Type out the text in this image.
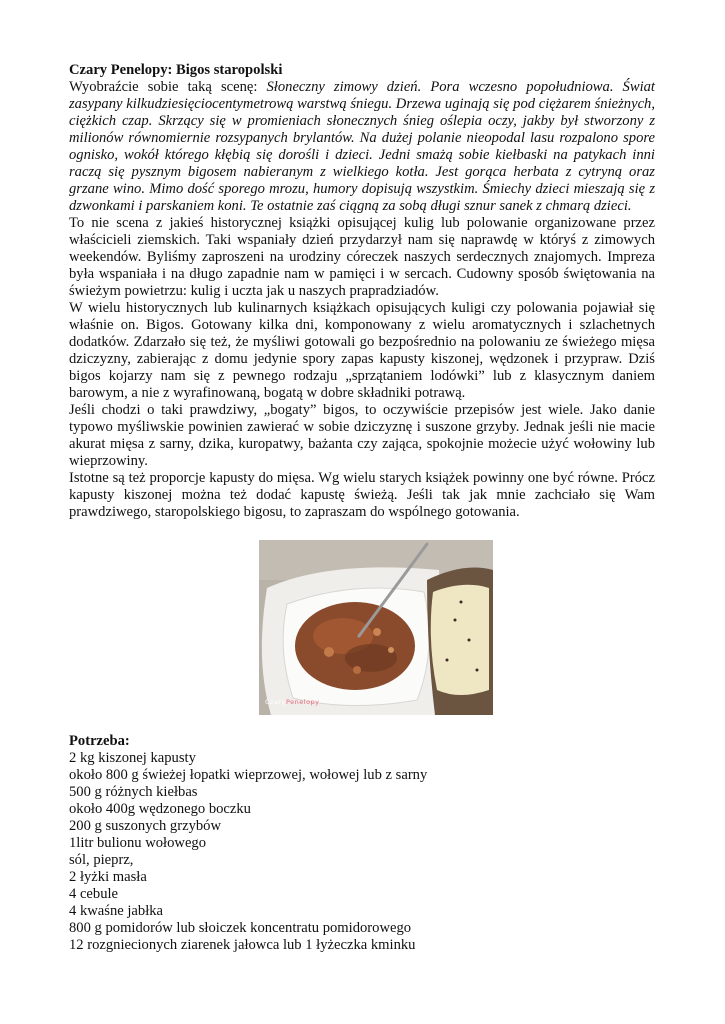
Czary Penelopy: Bigos staropolski

Wyobraźcie sobie taką scenę: Słoneczny zimowy dzień. Pora wczesno popołudniowa. Świat zasypany kilkudziesięciocentymetrową warstwą śniegu. Drzewa uginają się pod ciężarem śnieżnych, ciężkich czap. Skrzący się w promieniach słonecznych śnieg oślepia oczy, jakby był stworzony z milionów równomiernie rozsypanych brylantów. Na dużej polanie nieopodal lasu rozpalono spore ognisko, wokół którego kłębią się dorośli i dzieci. Jedni smażą sobie kiełbaski na patykach inni raczą się pysznym bigosem nabieranym z wielkiego kotła. Jest gorąca herbata z cytryną oraz grzane wino. Mimo dość sporego mrozu, humory dopisują wszystkim. Śmiechy dzieci mieszają się z dzwonkami i parskaniem koni. Te ostatnie zaś ciągną za sobą długi sznur sanek z chmarą dzieci.

To nie scena z jakieś historycznej książki opisującej kulig lub polowanie organizowane przez właścicieli ziemskich. Taki wspaniały dzień przydarzył nam się naprawdę w któryś z zimowych weekendów. Byliśmy zaproszeni na urodziny córeczek naszych serdecznych znajomych. Impreza była wspaniała i na długo zapadnie nam w pamięci i w sercach. Cudowny sposób świętowania na świeżym powietrzu: kulig i uczta jak u naszych prapradziadów.

W wielu historycznych lub kulinarnych książkach opisujących kuligi czy polowania pojawiał się właśnie on. Bigos. Gotowany kilka dni, komponowany z wielu aromatycznych i szlachetnych dodatków. Zdarzało się też, że myśliwi gotowali go bezpośrednio na polowaniu ze świeżego mięsa dziczyzny, zabierając z domu jedynie spory zapas kapusty kiszonej, wędzonek i przypraw. Dziś bigos kojarzy nam się z pewnego rodzaju „sprzątaniem lodówki” lub z klasycznym daniem barowym, a nie z wyrafinowaną, bogatą w dobre składniki potrawą.

Jeśli chodzi o taki prawdziwy, „bogaty” bigos, to oczywiście przepisów jest wiele. Jako danie typowo myśliwskie powinien zawierać w sobie dziczyznę i suszone grzyby. Jednak jeśli nie macie akurat mięsa z sarny, dzika, kuropatwy, bażanta czy zająca, spokojnie możecie użyć wołowiny lub wieprzowiny.

Istotne są też proporcje kapusty do mięsa. Wg wielu starych książek powinny one być równe. Prócz kapusty kiszonej można też dodać kapustę świeżą. Jeśli tak jak mnie zachciało się Wam prawdziwego, staropolskiego bigosu, to zapraszam do wspólnego gotowania.

CzaryPenelopy

Potrzeba:

2 kg kiszonej kapusty
około 800 g świeżej łopatki wieprzowej, wołowej lub z sarny
500 g różnych kiełbas
około 400g wędzonego boczku
200 g suszonych grzybów
1litr bulionu wołowego
sól, pieprz,
2 łyżki masła
4 cebule
4 kwaśne jabłka
800 g pomidorów lub słoiczek koncentratu pomidorowego
12 rozgniecionych ziarenek jałowca lub 1 łyżeczka kminku
